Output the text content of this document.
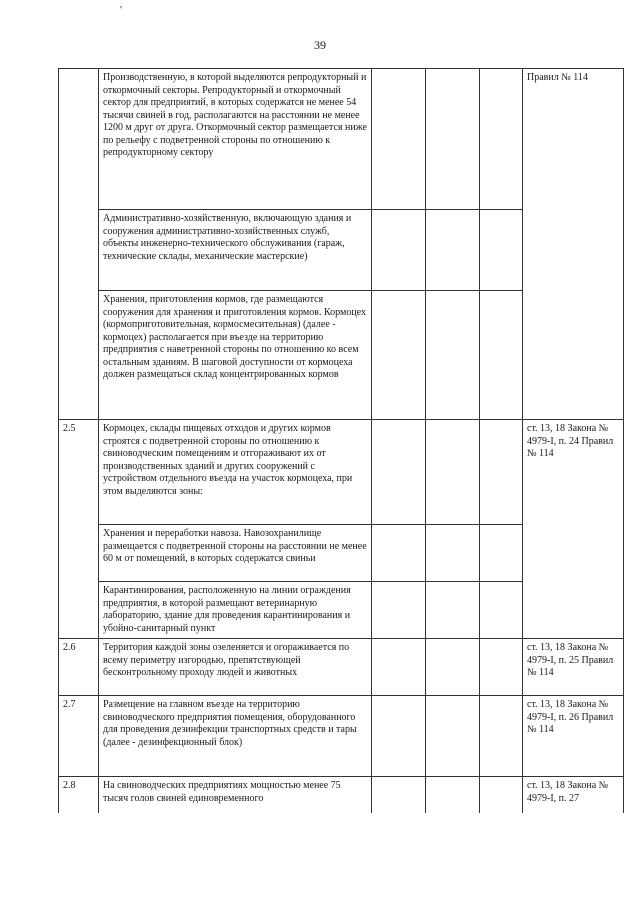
'
39
	Производственную, в которой выделяются репродукторный и откормочный секторы. Репродукторный и откормочный сектор для предприятий, в которых содержатся не менее 54 тысячи свиней в год, располагаются на расстоянии не менее 1200 м друг от друга. Откормочный сектор размещается ниже по рельефу с подветренной стороны по отношению к репродукторному сектору				Правил № 114
	Административно-хозяйственную, включающую здания и сооружения административно-хозяйственных служб, объекты инженерно-технического обслуживания (гараж, технические склады, механические мастерские)				
	Хранения, приготовления кормов, где размещаются сооружения для хранения и приготовления кормов. Кормоцех (кормоприготовительная, кормосмесительная) (далее - кормоцех) располагается при въезде на территорию предприятия с наветренной стороны по отношению ко всем остальным зданиям. В шаговой доступности от кормоцеха должен размещаться склад концентрированных кормов				
2.5	Кормоцех, склады пищевых отходов и других кормов строятся с подветренной стороны по отношению к свиноводческим помещениям и отгораживают их от производственных зданий и других сооружений с устройством отдельного въезда на участок кормоцеха, при этом выделяются зоны:				ст. 13, 18 Закона № 4979-I, п. 24 Правил № 114
	Хранения и переработки навоза. Навозохранилище размещается с подветренной стороны на расстоянии не менее 60 м от помещений, в которых содержатся свиньи				
	Карантинирования, расположенную на линии ограждения предприятия, в которой размещают ветеринарную лабораторию, здание для проведения карантинирования и убойно-санитарный пункт				
2.6	Территория каждой зоны озеленяется и огораживается по всему периметру изгородью, препятствующей бесконтрольному проходу людей и животных				ст. 13, 18 Закона № 4979-I, п. 25 Правил № 114
2.7	Размещение на главном въезде на территорию свиноводческого предприятия помещения, оборудованного для проведения дезинфекции транспортных средств и тары (далее - дезинфекционный блок)				ст. 13, 18 Закона № 4979-I, п. 26 Правил № 114
2.8	На свиноводческих предприятиях мощностью менее 75 тысяч голов свиней единовременного				ст. 13, 18 Закона № 4979-I, п. 27
